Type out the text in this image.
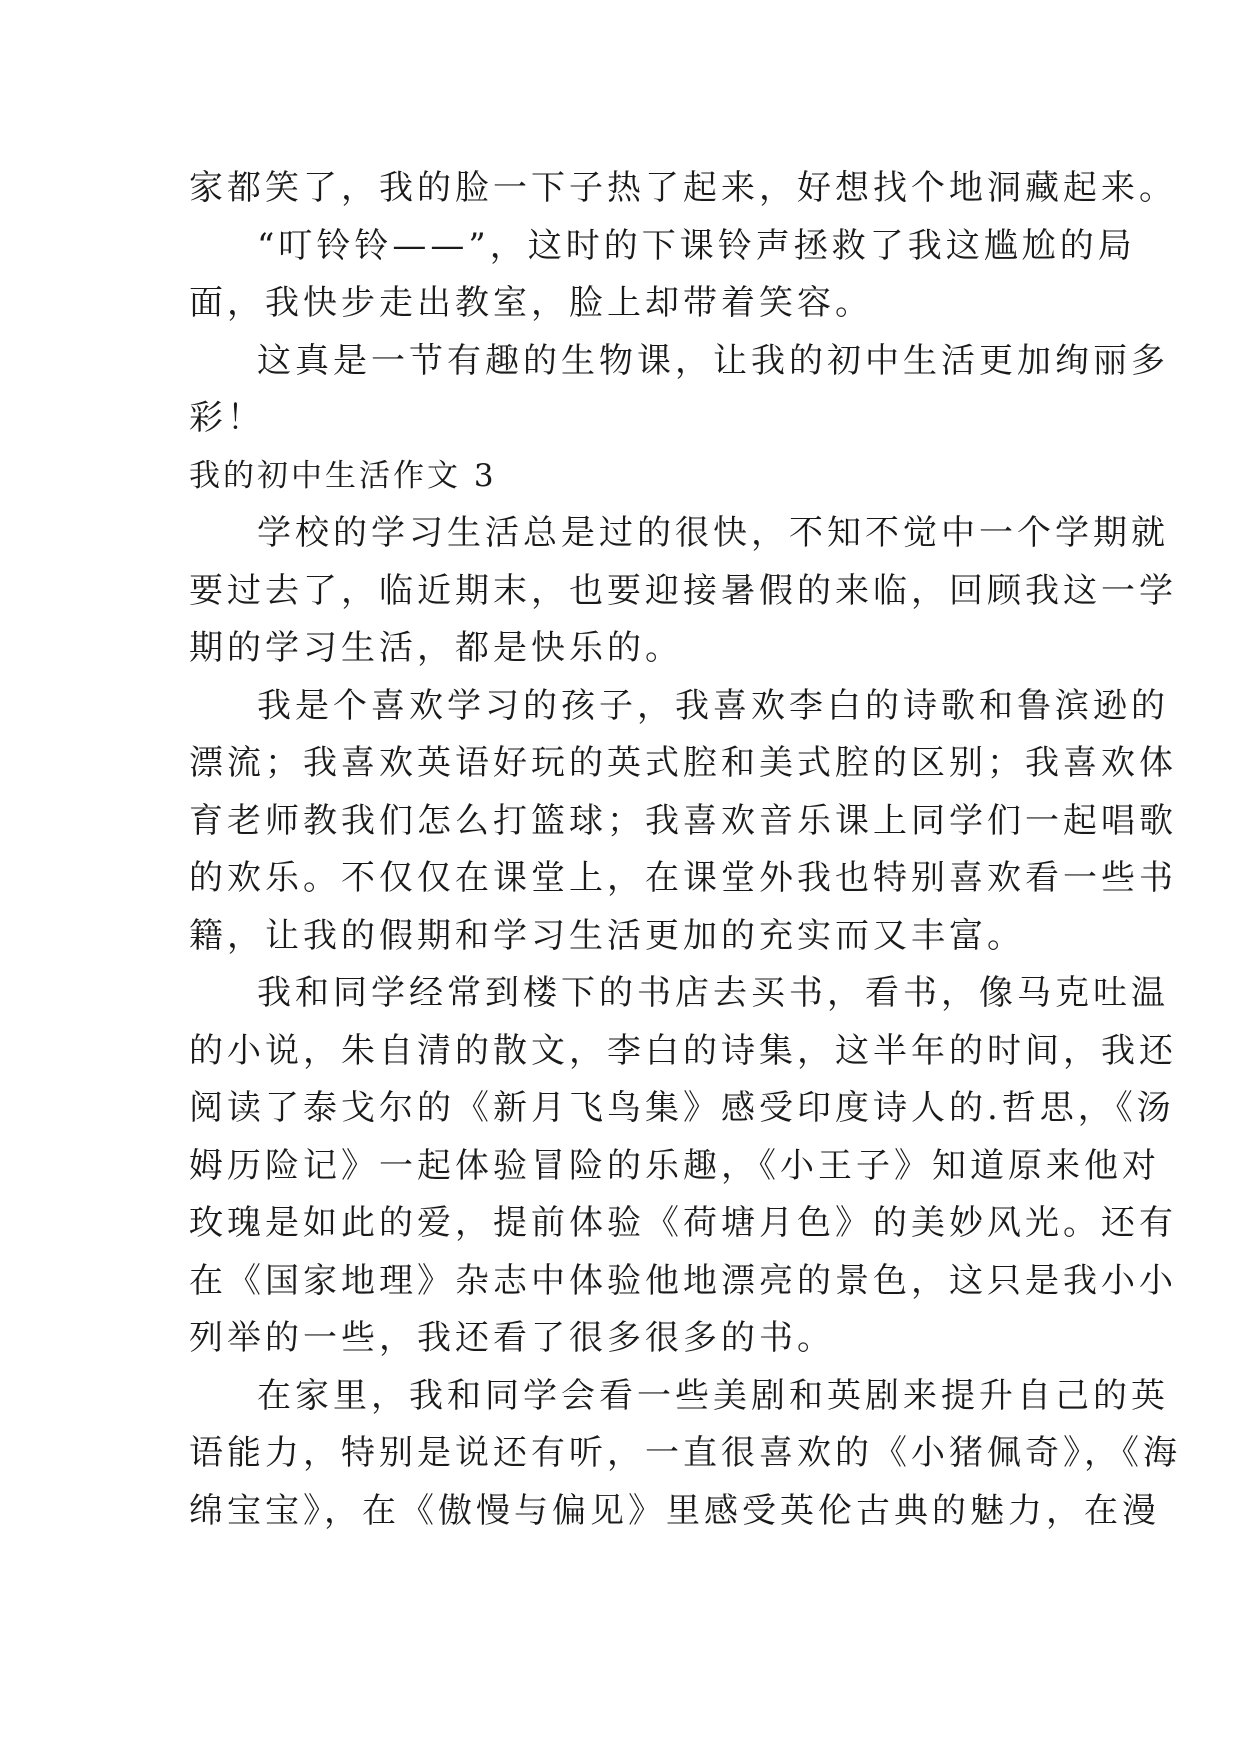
家都笑了，我的脸一下子热了起来，好想找个地洞藏起来。
“叮铃铃——”，这时的下课铃声拯救了我这尴尬的局
面，我快步走出教室，脸上却带着笑容。
这真是一节有趣的生物课，让我的初中生活更加绚丽多
彩！
我的初中生活作文 3
学校的学习生活总是过的很快，不知不觉中一个学期就
要过去了，临近期末，也要迎接暑假的来临，回顾我这一学
期的学习生活，都是快乐的。
我是个喜欢学习的孩子，我喜欢李白的诗歌和鲁滨逊的
漂流；我喜欢英语好玩的英式腔和美式腔的区别；我喜欢体
育老师教我们怎么打篮球；我喜欢音乐课上同学们一起唱歌
的欢乐。不仅仅在课堂上，在课堂外我也特别喜欢看一些书
籍，让我的假期和学习生活更加的充实而又丰富。
我和同学经常到楼下的书店去买书，看书，像马克吐温
的小说，朱自清的散文，李白的诗集，这半年的时间，我还
阅读了泰戈尔的《新月飞鸟集》感受印度诗人的.哲思，《汤
姆历险记》一起体验冒险的乐趣，《小王子》知道原来他对
玫瑰是如此的爱，提前体验《荷塘月色》的美妙风光。还有
在《国家地理》杂志中体验他地漂亮的景色，这只是我小小
列举的一些，我还看了很多很多的书。
在家里，我和同学会看一些美剧和英剧来提升自己的英
语能力，特别是说还有听，一直很喜欢的《小猪佩奇》，《海
绵宝宝》，在《傲慢与偏见》里感受英伦古典的魅力，在漫
